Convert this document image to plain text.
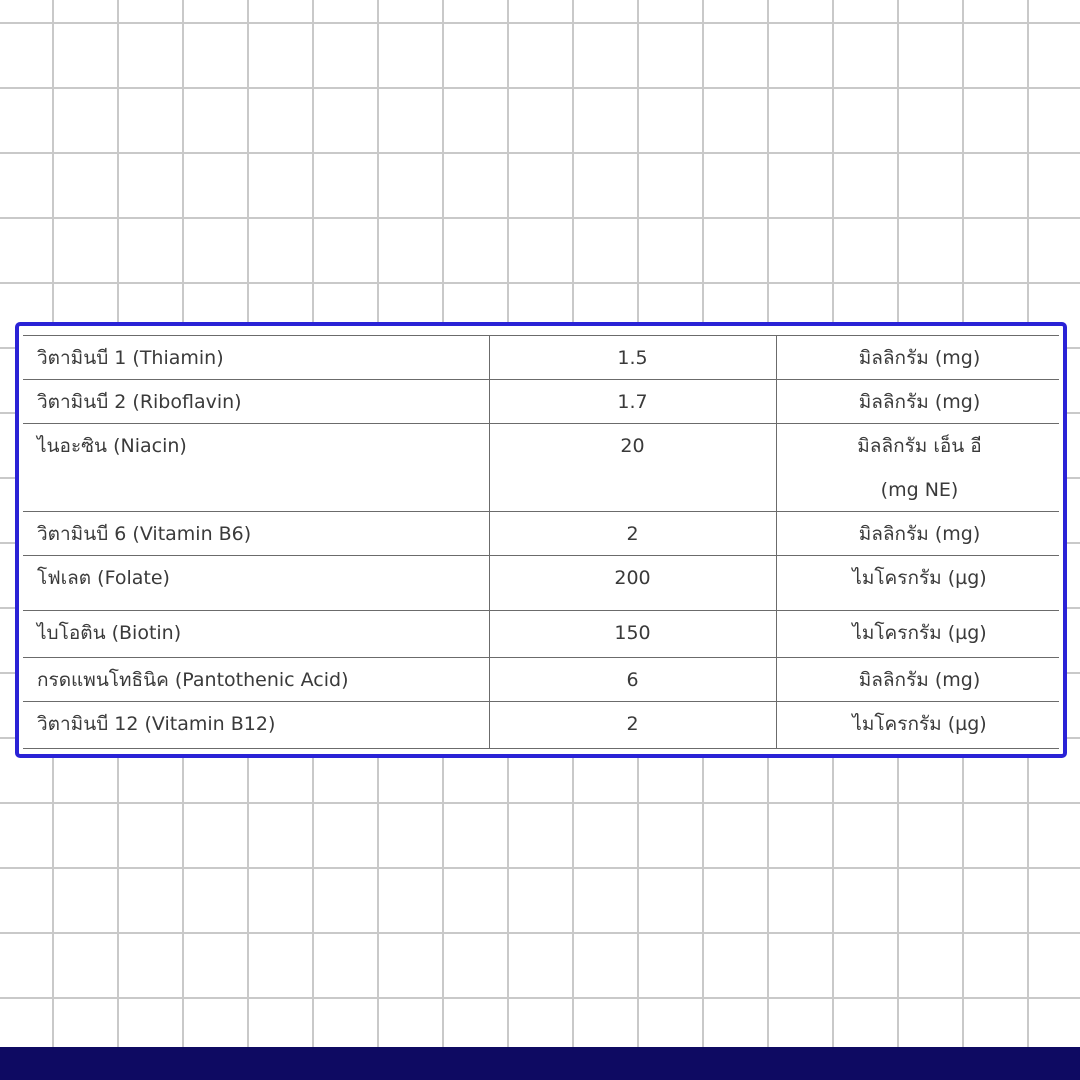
วิตามินบี 1 (Thiamin)	1.5	มิลลิกรัม (mg)
วิตามินบี 2 (Riboflavin)	1.7	มิลลิกรัม (mg)
ไนอะซิน (Niacin)	20	มิลลิกรัม เอ็น อี
(mg NE)

วิตามินบี 6 (Vitamin B6)	2	มิลลิกรัม (mg)
โฟเลต (Folate)	200	ไมโครกรัม (µg)
ไบโอติน (Biotin)	150	ไมโครกรัม (µg)
กรดแพนโทธินิค (Pantothenic Acid)	6	มิลลิกรัม (mg)
วิตามินบี 12 (Vitamin B12)	2	ไมโครกรัม (µg)
